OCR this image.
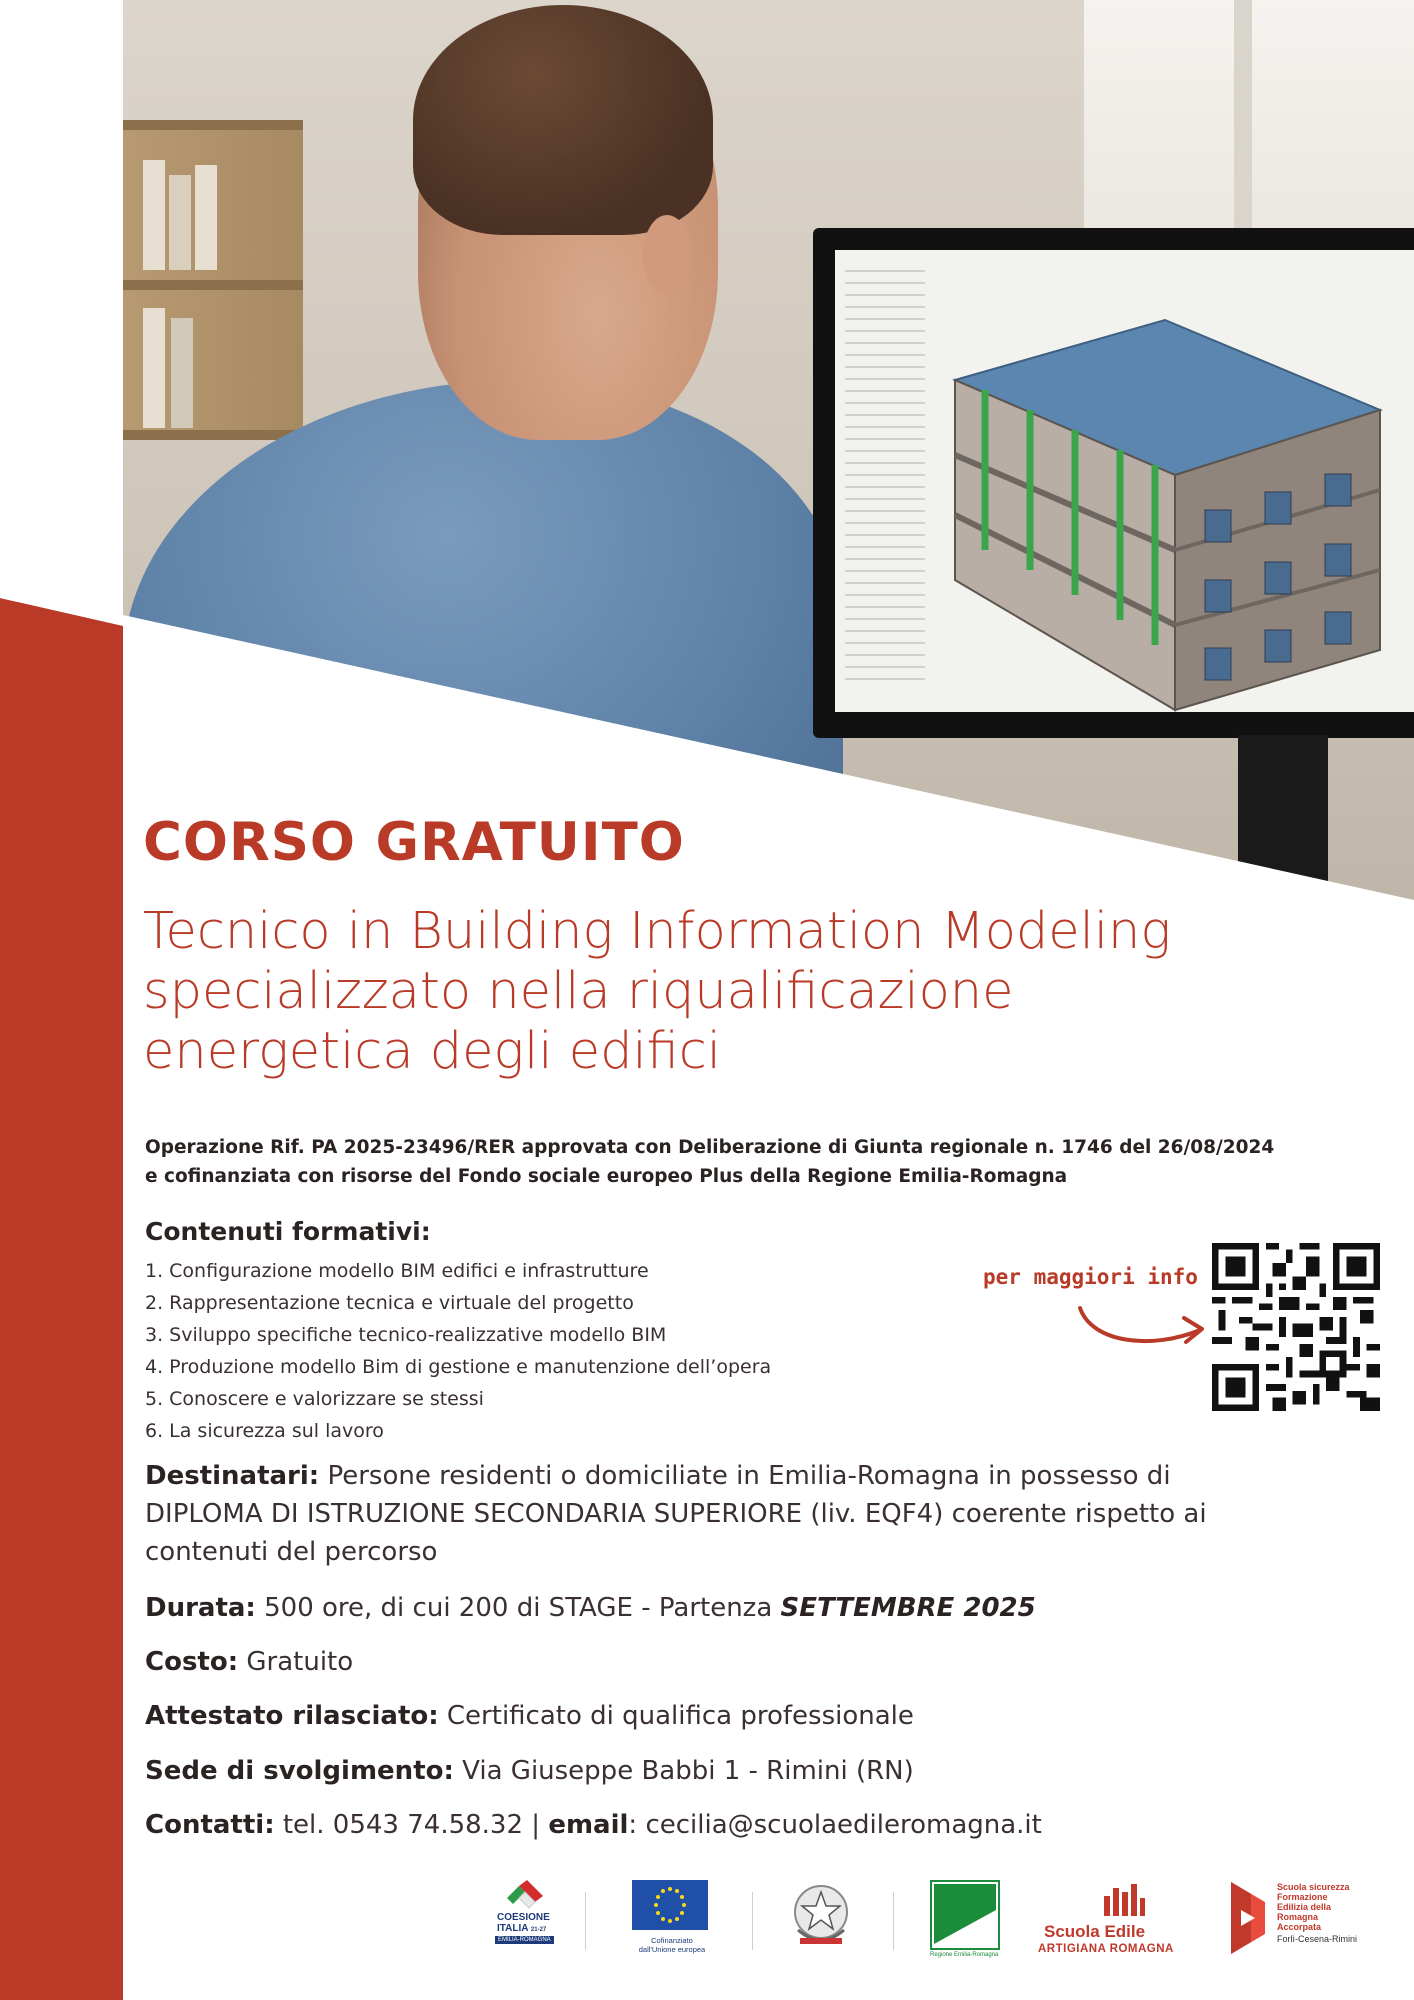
CORSO GRATUITO
Tecnico in Building Information Modeling
specializzato nella riqualificazione
energetica degli edifici
Operazione Rif. PA 2025-23496/RER approvata con Deliberazione di Giunta regionale n. 1746 del 26/08/2024
e cofinanziata con risorse del Fondo sociale europeo Plus della Regione Emilia-Romagna
Contenuti formativi:
1. Configurazione modello BIM edifici e infrastrutture
2. Rappresentazione tecnica e virtuale del progetto
3. Sviluppo specifiche tecnico-realizzative modello BIM
4. Produzione modello Bim di gestione e manutenzione dell’opera
5. Conoscere e valorizzare se stessi
6. La sicurezza sul lavoro
per maggiori info
Destinatari: Persone residenti o domiciliate in Emilia-Romagna in possesso di
DIPLOMA DI ISTRUZIONE SECONDARIA SUPERIORE (liv. EQF4) coerente rispetto ai
contenuti del percorso
Durata: 500 ore, di cui 200 di STAGE - Partenza SETTEMBRE 2025
Costo: Gratuito
Attestato rilasciato: Certificato di qualifica professionale
Sede di svolgimento: Via Giuseppe Babbi 1 - Rimini (RN)
Contatti: tel. 0543 74.58.32 | email: cecilia@scuolaedileromagna.it
COESIONE
ITALIA 21-27
EMILIA-ROMAGNA	Cofinanziato
dall'Unione europea
Regione Emilia-Romagna
Scuola Edile
ARTIGIANA ROMAGNA
Scuola sicurezza
Formazione
Edilizia della
Romagna
Accorpata
Forlì-Cesena-Rimini
